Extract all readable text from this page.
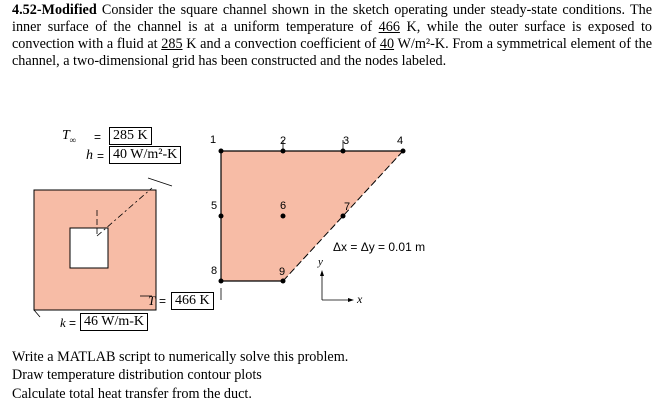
4.52-Modified Consider the square channel shown in the sketch operating under steady-state conditions. The inner surface of the channel is at a uniform temperature of 466 K, while the outer surface is exposed to convection with a fluid at 285 K and a convection coefficient of 40 W/m²-K. From a symmetrical element of the channel, a two-dimensional grid has been constructed and the nodes labeled.
1	2	3	4
5	6	7
8	9
Δx = Δy = 0.01 m
x
y
$T_\infty$ =
h =
285 K
40 W/m²-K
T = 466 K
k = 46 W/m-K
Write a MATLAB script to numerically solve this problem.
Draw temperature distribution contour plots
Calculate total heat transfer from the duct.
